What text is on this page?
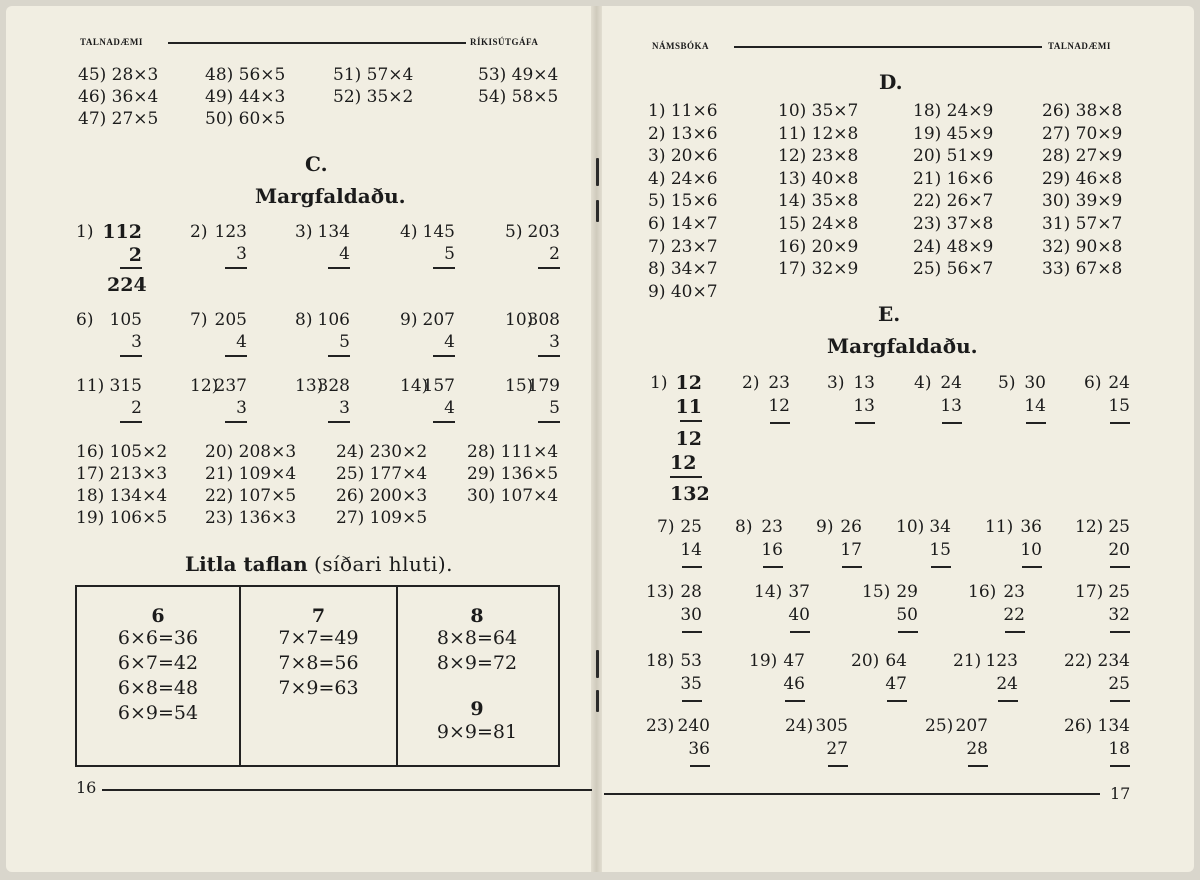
TALNADÆMI	RÍKISÚTGÁFA
45) 28×3
46) 36×4
47) 27×5
48) 56×5
49) 44×3
50) 60×5
51) 57×4
52) 35×2
53) 49×4
54) 58×5
C.
Margfaldaðu.
1) 112
2
224
2) 123
3
3) 134
4
4) 145
5
5) 203
2
6) 105
3
7) 205
4
8) 106
5
9) 207
4
10)
308
3
11) 315
2
12)
237
3
13)
328
3
14)
157
4
15)
179
5
16) 105×2
17) 213×3
18) 134×4
19) 106×5
20) 208×3
21) 109×4
22) 107×5
23) 136×3
24) 230×2
25) 177×4
26) 200×3
27) 109×5
28) 111×4
29) 136×5
30) 107×4
Litla taflan (síðari hluti).
6
6×6=36
6×7=42
6×8=48
6×9=54
7
7×7=49
7×8=56
7×9=63
8
8×8=64
8×9=72
9
9×9=81
16
NÁMSBÓKA	TALNADÆMI
D.
1) 11×6
2) 13×6
3) 20×6
4) 24×6
5) 15×6
6) 14×7
7) 23×7
8) 34×7
9) 40×7
10) 35×7
11) 12×8
12) 23×8
13) 40×8
14) 35×8
15) 24×8
16) 20×9
17) 32×9
18) 24×9
19) 45×9
20) 51×9
21) 16×6
22) 26×7
23) 37×8
24) 48×9
25) 56×7
26) 38×8
27) 70×9
28) 27×9
29) 46×8
30) 39×9
31) 57×7
32) 90×8
33) 67×8
E.
Margfaldaðu.
1) 12
11
12
12
132
2) 23
12
3) 13
13
4) 24
13
5) 30
14
6) 24
15
7) 25
14
8) 23
16
9) 26
17
10) 34
15
11) 36
10
12) 25
20
13) 28
30
14) 37
40
15) 29
50
16) 23
22
17) 25
32
18) 53
35
19) 47
46
20) 64
47
21) 123
24
22) 234
25
23) 240
36
24) 305
27
25) 207
28
26) 134
18
17
